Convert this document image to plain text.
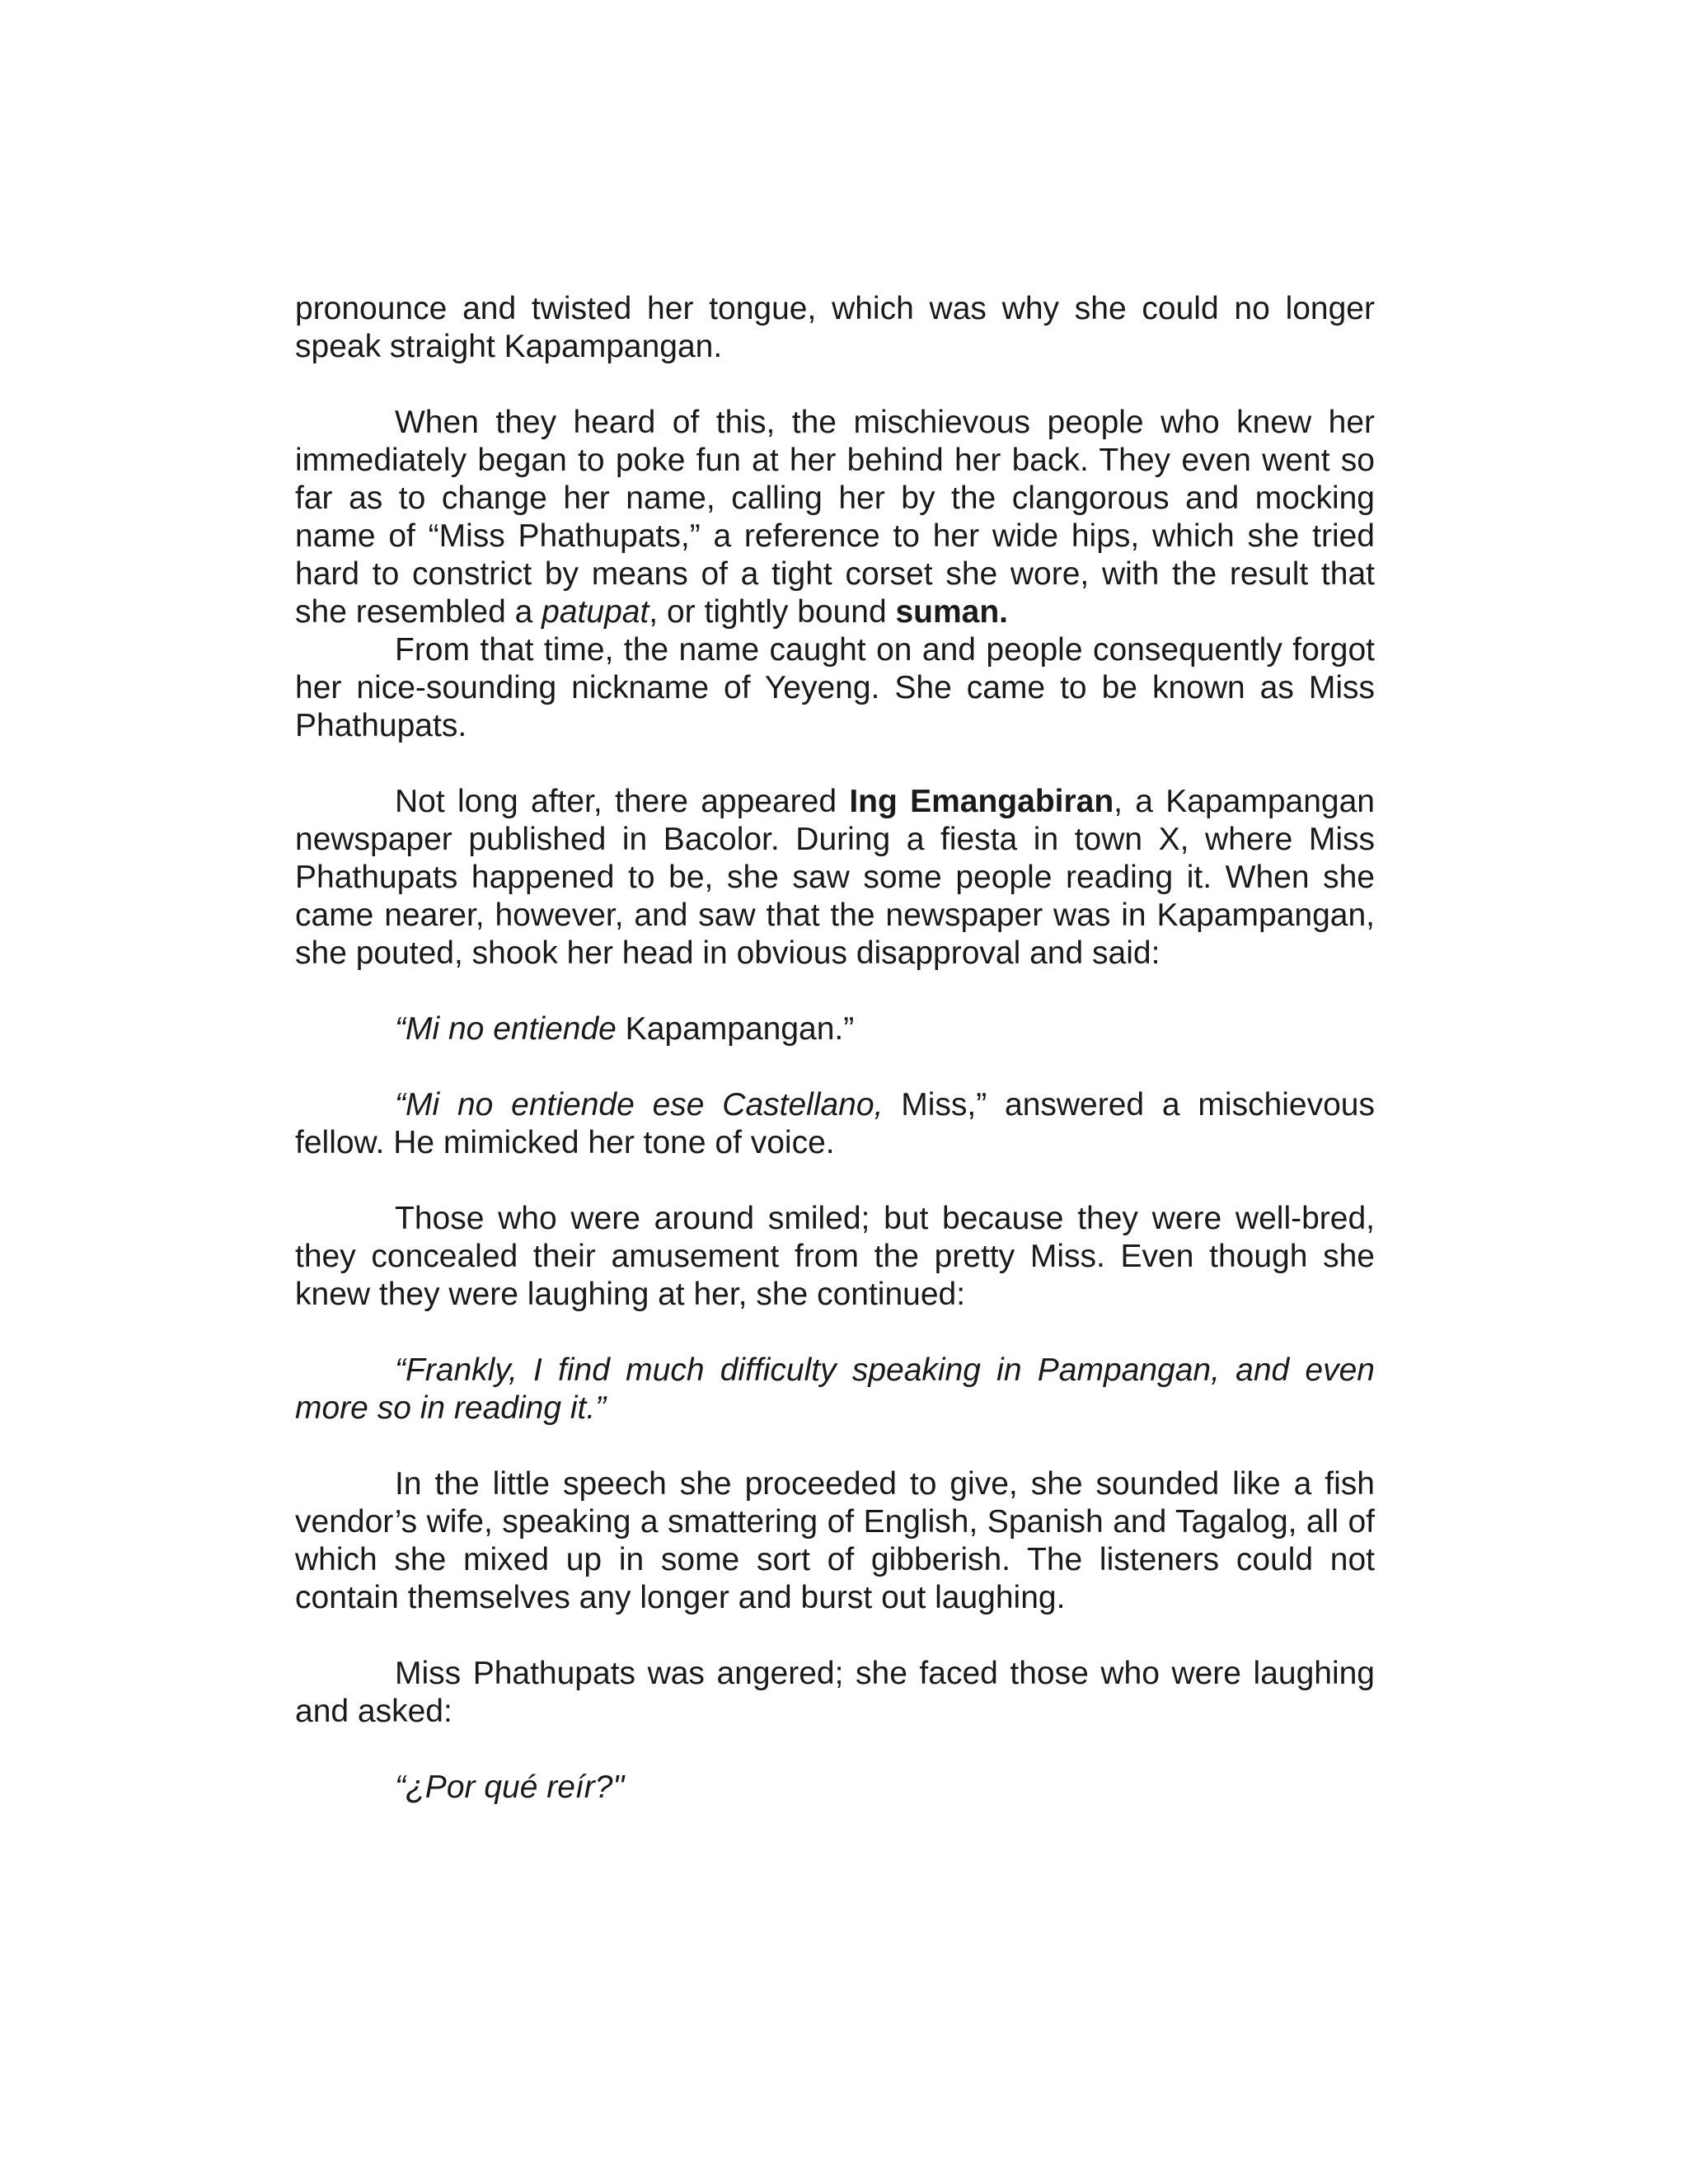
pronounce and twisted her tongue, which was why she could no longer speak straight Kapampangan.

When they heard of this, the mischievous people who knew her immediately began to poke fun at her behind her back. They even went so far as to change her name, calling her by the clangorous and mocking name of “Miss Phathupats,” a reference to her wide hips, which she tried hard to constrict by means of a tight corset she wore, with the result that she resembled a patupat, or tightly bound suman.

From that time, the name caught on and people consequently forgot her nice-sounding nickname of Yeyeng. She came to be known as Miss Phathupats.

Not long after, there appeared Ing Emangabiran, a Kapampangan newspaper published in Bacolor. During a fiesta in town X, where Miss Phathupats happened to be, she saw some people reading it. When she came nearer, however, and saw that the newspaper was in Kapampangan, she pouted, shook her head in obvious disapproval and said:

“Mi no entiende Kapampangan.”

“Mi no entiende ese Castellano, Miss,” answered a mischievous fellow. He mimicked her tone of voice.

Those who were around smiled; but because they were well-bred, they concealed their amusement from the pretty Miss. Even though she knew they were laughing at her, she continued:

“Frankly, I find much difficulty speaking in Pampangan, and even more so in reading it.”

In the little speech she proceeded to give, she sounded like a fish vendor’s wife, speaking a smattering of English, Spanish and Tagalog, all of which she mixed up in some sort of gibberish. The listeners could not contain themselves any longer and burst out laughing.

Miss Phathupats was angered; she faced those who were laughing and asked:

“¿Por qué reír?"
